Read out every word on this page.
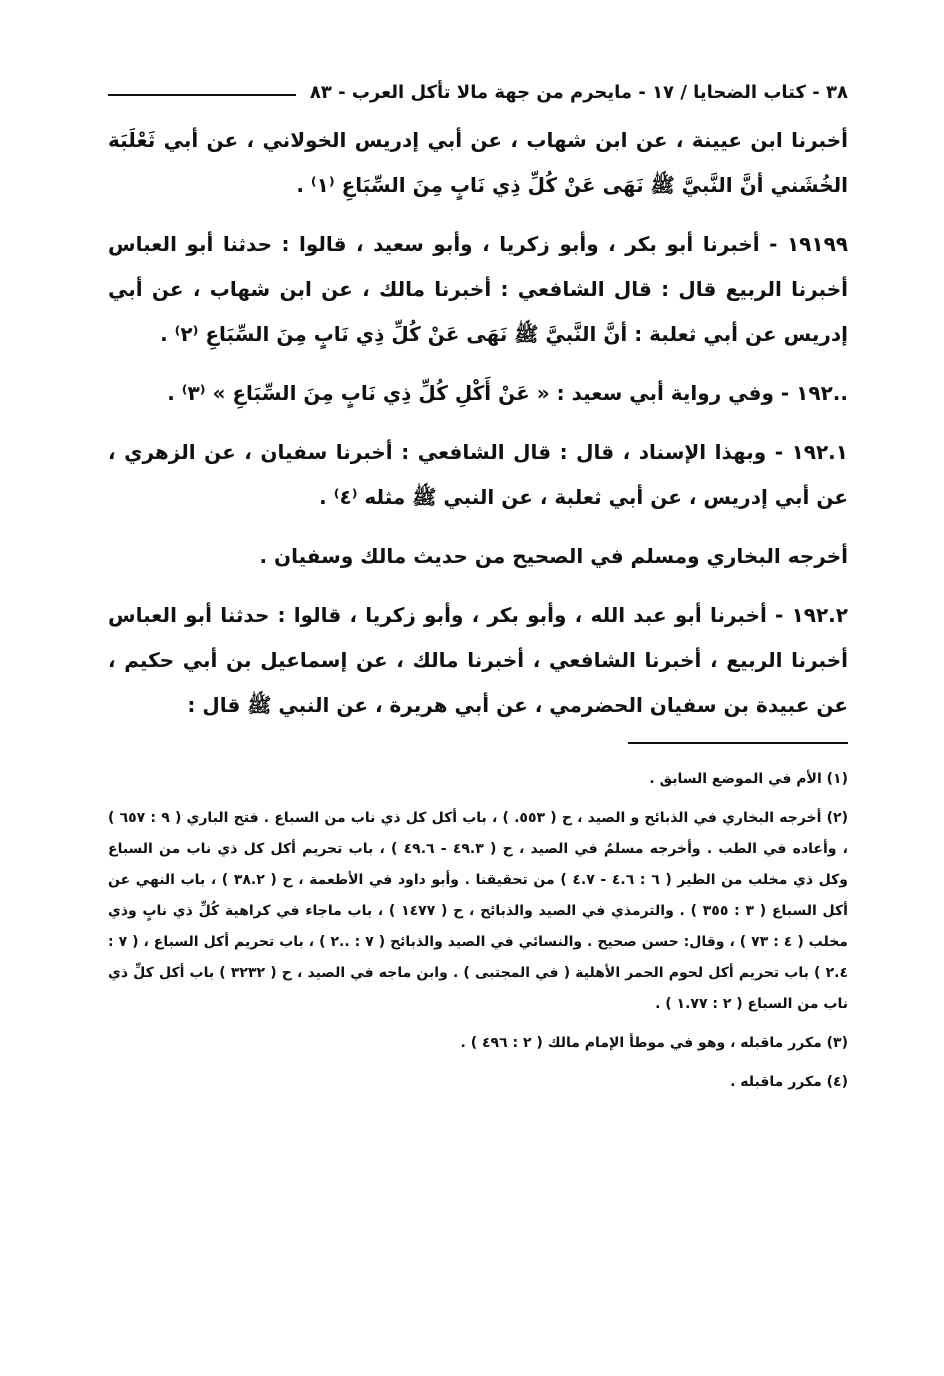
٣٨ - كتاب الضحايا / ١٧ - مايحرم من جهة مالا تأكل العرب - ٨٣

أخبرنا ابن عيينة ، عن ابن شهاب ، عن أبي إدريس الخولاني ، عن أبي ثَعْلَبَة الخُشَني أنَّ النَّبيَّ ﷺ نَهَى عَنْ كُلِّ ذِي نَابٍ مِنَ السِّبَاعِ ⁽١⁾ .

١٩١٩٩ - أخبرنا أبو بكر ، وأبو زكريا ، وأبو سعيد ، قالوا : حدثنا أبو العباس أخبرنا الربيع قال : قال الشافعي : أخبرنا مالك ، عن ابن شهاب ، عن أبي إدريس عن أبي ثعلبة : أنَّ النَّبيَّ ﷺ نَهَى عَنْ كُلِّ ذِي نَابٍ مِنَ السِّبَاعِ ⁽٢⁾ .

..١٩٢ - وفي رواية أبي سعيد : « عَنْ أَكْلِ كُلِّ ذِي نَابٍ مِنَ السِّبَاعِ » ⁽٣⁾ .

١٩٢.١ - وبهذا الإسناد ، قال : قال الشافعي : أخبرنا سفيان ، عن الزهري ، عن أبي إدريس ، عن أبي ثعلبة ، عن النبي ﷺ مثله ⁽٤⁾ .

أخرجه البخاري ومسلم في الصحيح من حديث مالك وسفيان .

١٩٢.٢ - أخبرنا أبو عبد الله ، وأبو بكر ، وأبو زكريا ، قالوا : حدثنا أبو العباس أخبرنا الربيع ، أخبرنا الشافعي ، أخبرنا مالك ، عن إسماعيل بن أبي حكيم ، عن عبيدة بن سفيان الحضرمي ، عن أبي هريرة ، عن النبي ﷺ قال :

(١) الأم في الموضع السابق .

(٢) أخرجه البخاري في الذبائح و الصيد ، ح ( ٥٥٣. ) ، باب أكل كل ذي ناب من السباع . فتح الباري ( ٩ : ٦٥٧ ) ، وأعاده في الطب . وأخرجه مسلمٌ في الصيد ، ح ( ٤٩.٣ - ٤٩.٦ ) ، باب تحريم أكل كل ذي ناب من السباع وكل ذي مخلب من الطير ( ٦ : ٤.٦ - ٤.٧ ) من تحقيقنا . وأبو داود في الأطعمة ، ح ( ٣٨.٢ ) ، باب النهي عن أكل السباع ( ٣ : ٣٥٥ ) . والترمذي في الصيد والذبائح ، ح ( ١٤٧٧ ) ، باب ماجاء في كراهية كُلِّ ذي نابٍ وذي مخلب ( ٤ : ٧٣ ) ، وقال: حسن صحيح . والنسائي في الصيد والذبائح ( ٧ : ..٢ ) ، باب تحريم أكل السباع ، ( ٧ : ٢.٤ ) باب تحريم أكل لحوم الحمر الأهلية ( في المجتبى ) . وابن ماجه في الصيد ، ح ( ٣٢٣٢ ) باب أكل كلِّ ذي ناب من السباع ( ٢ : ١.٧٧ ) .

(٣) مكرر ماقبله ، وهو في موطأ الإمام مالك ( ٢ : ٤٩٦ ) .

(٤) مكرر ماقبله .
